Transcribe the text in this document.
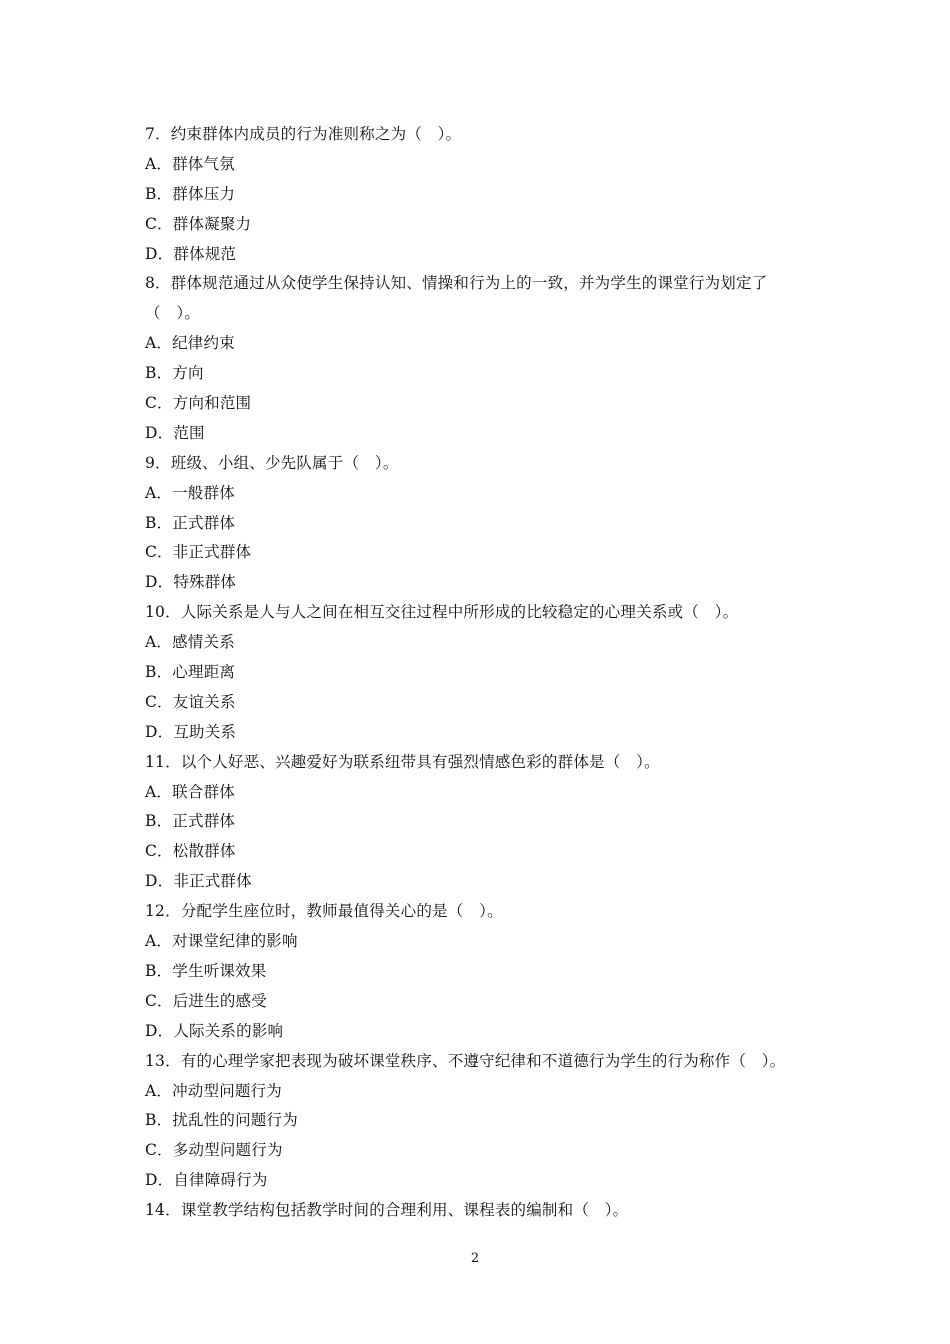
7．约束群体内成员的行为准则称之为（　）。
A．群体气氛
B．群体压力
C．群体凝聚力
D．群体规范
8．群体规范通过从众使学生保持认知、情操和行为上的一致，并为学生的课堂行为划定了
（　）。
A．纪律约束
B．方向
C．方向和范围
D．范围
9．班级、小组、少先队属于（　）。
A．一般群体
B．正式群体
C．非正式群体
D．特殊群体
10．人际关系是人与人之间在相互交往过程中所形成的比较稳定的心理关系或（　）。
A．感情关系
B．心理距离
C．友谊关系
D．互助关系
11．以个人好恶、兴趣爱好为联系纽带具有强烈情感色彩的群体是（　）。
A．联合群体
B．正式群体
C．松散群体
D．非正式群体
12．分配学生座位时，教师最值得关心的是（　）。
A．对课堂纪律的影响
B．学生听课效果
C．后进生的感受
D．人际关系的影响
13．有的心理学家把表现为破坏课堂秩序、不遵守纪律和不道德行为学生的行为称作（　）。
A．冲动型问题行为
B．扰乱性的问题行为
C．多动型问题行为
D．自律障碍行为
14．课堂教学结构包括教学时间的合理利用、课程表的编制和（　）。
2
